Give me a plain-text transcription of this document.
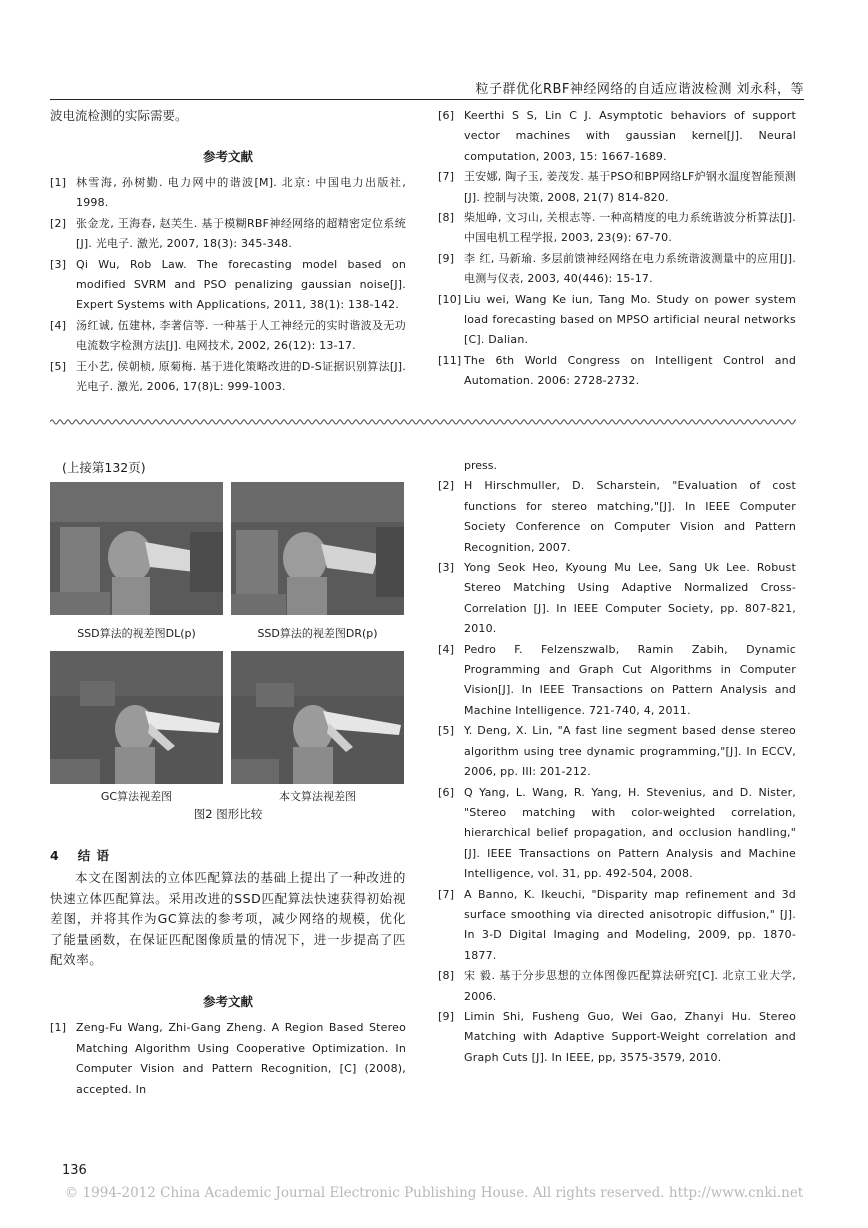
粒子群优化RBF神经网络的自适应谐波检测 刘永科，等
波电流检测的实际需要。
参考文献
[1] 林雪海, 孙树勤. 电力网中的谐波[M]. 北京: 中国电力出版社, 1998.
[2] 张金龙, 王海春, 赵芙生. 基于模糊RBF神经网络的超精密定位系统[J]. 光电子. 激光, 2007, 18(3): 345-348.
[3] Qi Wu, Rob Law. The forecasting model based on modified SVRM and PSO penalizing gaussian noise[J]. Expert Systems with Applications, 2011, 38(1): 138-142.
[4] 汤红诚, 伍建林, 李著信等. 一种基于人工神经元的实时谐波及无功电流数字检测方法[J]. 电网技术, 2002, 26(12): 13-17.
[5] 王小艺, 侯朝桢, 原菊梅. 基于进化策略改进的D-S证据识别算法[J]. 光电子. 激光, 2006, 17(8)L: 999-1003.
[6] Keerthi S S, Lin C J. Asymptotic behaviors of support vector machines with gaussian kernel[J]. Neural computation, 2003, 15: 1667-1689.
[7] 王安娜, 陶子玉, 姜茂发. 基于PSO和BP网络LF炉钢水温度智能预测[J]. 控制与决策, 2008, 21(7) 814-820.
[8] 柴旭峥, 文习山, 关根志等. 一种高精度的电力系统谐波分析算法[J]. 中国电机工程学报, 2003, 23(9): 67-70.
[9] 李 红, 马新瑜. 多层前馈神经网络在电力系统谐波测量中的应用[J]. 电测与仪表, 2003, 40(446): 15-17.
[10] Liu wei, Wang Ke iun, Tang Mo. Study on power system load forecasting based on MPSO artificial neural networks [C]. Dalian.
[11] The 6th World Congress on Intelligent Control and Automation. 2006: 2728-2732.
(上接第132页)
SSD算法的视差图DL(p)	SSD算法的视差图DR(p)
GC算法视差图	本文算法视差图
图2 图形比较
4 结 语
本文在图割法的立体匹配算法的基础上提出了一种改进的快速立体匹配算法。采用改进的SSD匹配算法快速获得初始视差图，并将其作为GC算法的参考项，减少网络的规模，优化了能量函数，在保证匹配图像质量的情况下，进一步提高了匹配效率。
参考文献
[1] Zeng-Fu Wang, Zhi-Gang Zheng. A Region Based Stereo Matching Algorithm Using Cooperative Optimization. In Computer Vision and Pattern Recognition, [C] (2008), accepted. In
press.
[2] H Hirschmuller, D. Scharstein, "Evaluation of cost functions for stereo matching,"[J]. In IEEE Computer Society Conference on Computer Vision and Pattern Recognition, 2007.
[3] Yong Seok Heo, Kyoung Mu Lee, Sang Uk Lee. Robust Stereo Matching Using Adaptive Normalized Cross-Correlation [J]. In IEEE Computer Society, pp. 807-821, 2010.
[4] Pedro F. Felzenszwalb, Ramin Zabih, Dynamic Programming and Graph Cut Algorithms in Computer Vision[J]. In IEEE Transactions on Pattern Analysis and Machine Intelligence. 721-740, 4, 2011.
[5] Y. Deng, X. Lin, "A fast line segment based dense stereo algorithm using tree dynamic programming,"[J]. In ECCV, 2006, pp. III: 201-212.
[6] Q Yang, L. Wang, R. Yang, H. Stevenius, and D. Nister, "Stereo matching with color-weighted correlation, hierarchical belief propagation, and occlusion handling," [J]. IEEE Transactions on Pattern Analysis and Machine Intelligence, vol. 31, pp. 492-504, 2008.
[7] A Banno, K. Ikeuchi, "Disparity map refinement and 3d surface smoothing via directed anisotropic diffusion," [J]. In 3-D Digital Imaging and Modeling, 2009, pp. 1870-1877.
[8] 宋 毅. 基于分步思想的立体图像匹配算法研究[C]. 北京工业大学, 2006.
[9] Limin Shi, Fusheng Guo, Wei Gao, Zhanyi Hu. Stereo Matching with Adaptive Support-Weight correlation and Graph Cuts [J]. In IEEE, pp, 3575-3579, 2010.
136
© 1994-2012 China Academic Journal Electronic Publishing House. All rights reserved. http://www.cnki.net
